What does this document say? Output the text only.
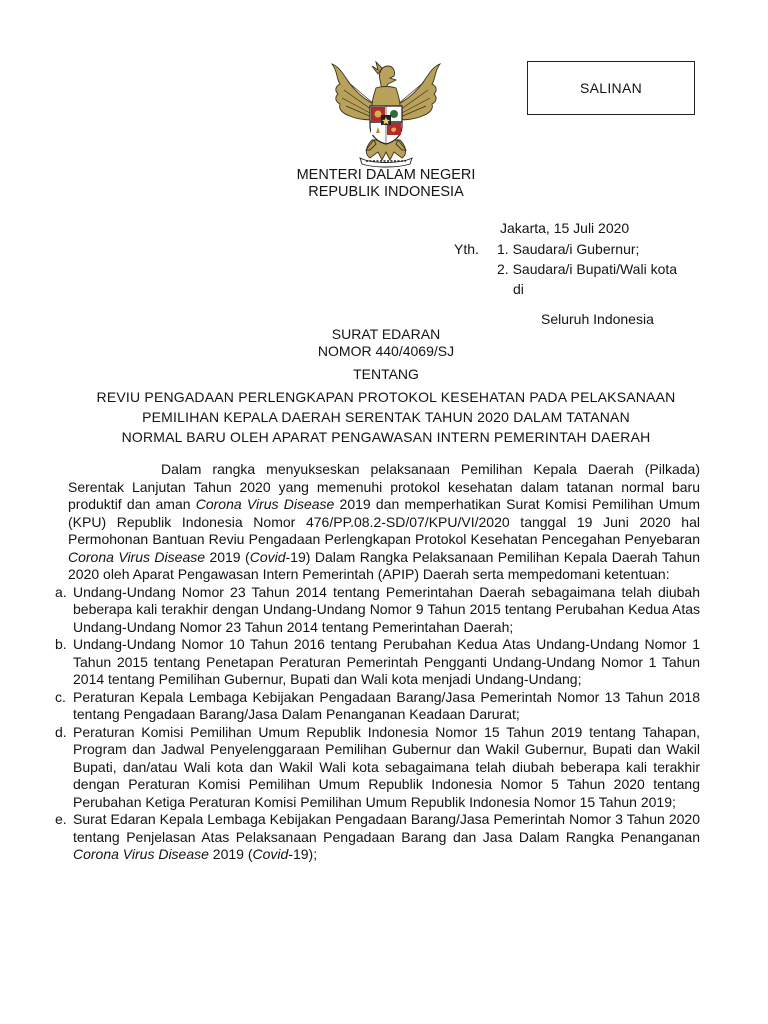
SALINAN
MENTERI DALAM NEGERI
REPUBLIK INDONESIA
Jakarta, 15 Juli 2020
Yth. 1. Saudara/i Gubernur;
2. Saudara/i Bupati/Wali kota
di
Seluruh Indonesia
SURAT EDARAN
NOMOR 440/4069/SJ
TENTANG
REVIU PENGADAAN PERLENGKAPAN PROTOKOL KESEHATAN PADA PELAKSANAAN
PEMILIHAN KEPALA DAERAH SERENTAK TAHUN 2020 DALAM TATANAN
NORMAL BARU OLEH APARAT PENGAWASAN INTERN PEMERINTAH DAERAH

Dalam rangka menyukseskan pelaksanaan Pemilihan Kepala Daerah (Pilkada) Serentak Lanjutan Tahun 2020 yang memenuhi protokol kesehatan dalam tatanan normal baru produktif dan aman Corona Virus Disease 2019 dan memperhatikan Surat Komisi Pemilihan Umum (KPU) Republik Indonesia Nomor 476/PP.08.2-SD/07/KPU/VI/2020 tanggal 19 Juni 2020 hal Permohonan Bantuan Reviu Pengadaan Perlengkapan Protokol Kesehatan Pencegahan Penyebaran Corona Virus Disease 2019 (Covid-19) Dalam Rangka Pelaksanaan Pemilihan Kepala Daerah Tahun 2020 oleh Aparat Pengawasan Intern Pemerintah (APIP) Daerah serta mempedomani ketentuan:

a. Undang-Undang Nomor 23 Tahun 2014 tentang Pemerintahan Daerah sebagaimana telah diubah beberapa kali terakhir dengan Undang-Undang Nomor 9 Tahun 2015 tentang Perubahan Kedua Atas Undang-Undang Nomor 23 Tahun 2014 tentang Pemerintahan Daerah;
b. Undang-Undang Nomor 10 Tahun 2016 tentang Perubahan Kedua Atas Undang-Undang Nomor 1 Tahun 2015 tentang Penetapan Peraturan Pemerintah Pengganti Undang-Undang Nomor 1 Tahun 2014 tentang Pemilihan Gubernur, Bupati dan Wali kota menjadi Undang-Undang;
c. Peraturan Kepala Lembaga Kebijakan Pengadaan Barang/Jasa Pemerintah Nomor 13 Tahun 2018 tentang Pengadaan Barang/Jasa Dalam Penanganan Keadaan Darurat;
d. Peraturan Komisi Pemilihan Umum Republik Indonesia Nomor 15 Tahun 2019 tentang Tahapan, Program dan Jadwal Penyelenggaraan Pemilihan Gubernur dan Wakil Gubernur, Bupati dan Wakil Bupati, dan/atau Wali kota dan Wakil Wali kota sebagaimana telah diubah beberapa kali terakhir dengan Peraturan Komisi Pemilihan Umum Republik Indonesia Nomor 5 Tahun 2020 tentang Perubahan Ketiga Peraturan Komisi Pemilihan Umum Republik Indonesia Nomor 15 Tahun 2019;
e. Surat Edaran Kepala Lembaga Kebijakan Pengadaan Barang/Jasa Pemerintah Nomor 3 Tahun 2020 tentang Penjelasan Atas Pelaksanaan Pengadaan Barang dan Jasa Dalam Rangka Penanganan Corona Virus Disease 2019 (Covid-19);
